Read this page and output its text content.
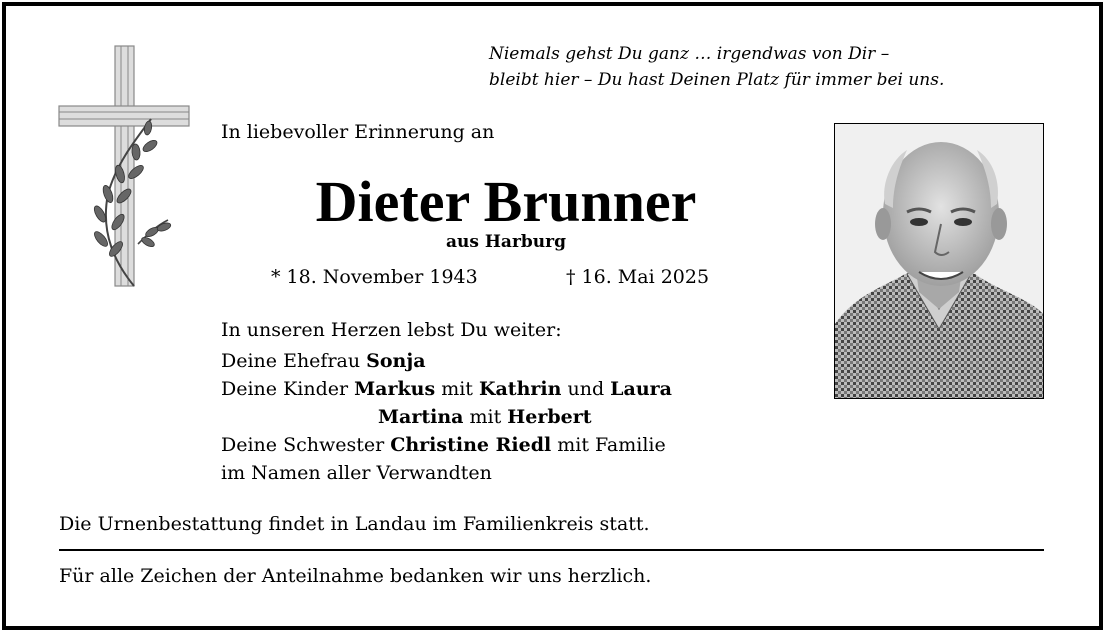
Niemals gehst Du ganz … irgendwas von Dir –
bleibt hier – Du hast Deinen Platz für immer bei uns.
In liebevoller Erinnerung an
Dieter Brunner
aus Harburg
* 18. November 1943	† 16. Mai 2025
In unseren Herzen lebst Du weiter:
Deine Ehefrau Sonja
Deine Kinder Markus mit Kathrin und Laura
Martina mit Herbert
Deine Schwester Christine Riedl mit Familie
im Namen aller Verwandten
Die Urnenbestattung findet in Landau im Familienkreis statt.
Für alle Zeichen der Anteilnahme bedanken wir uns herzlich.
